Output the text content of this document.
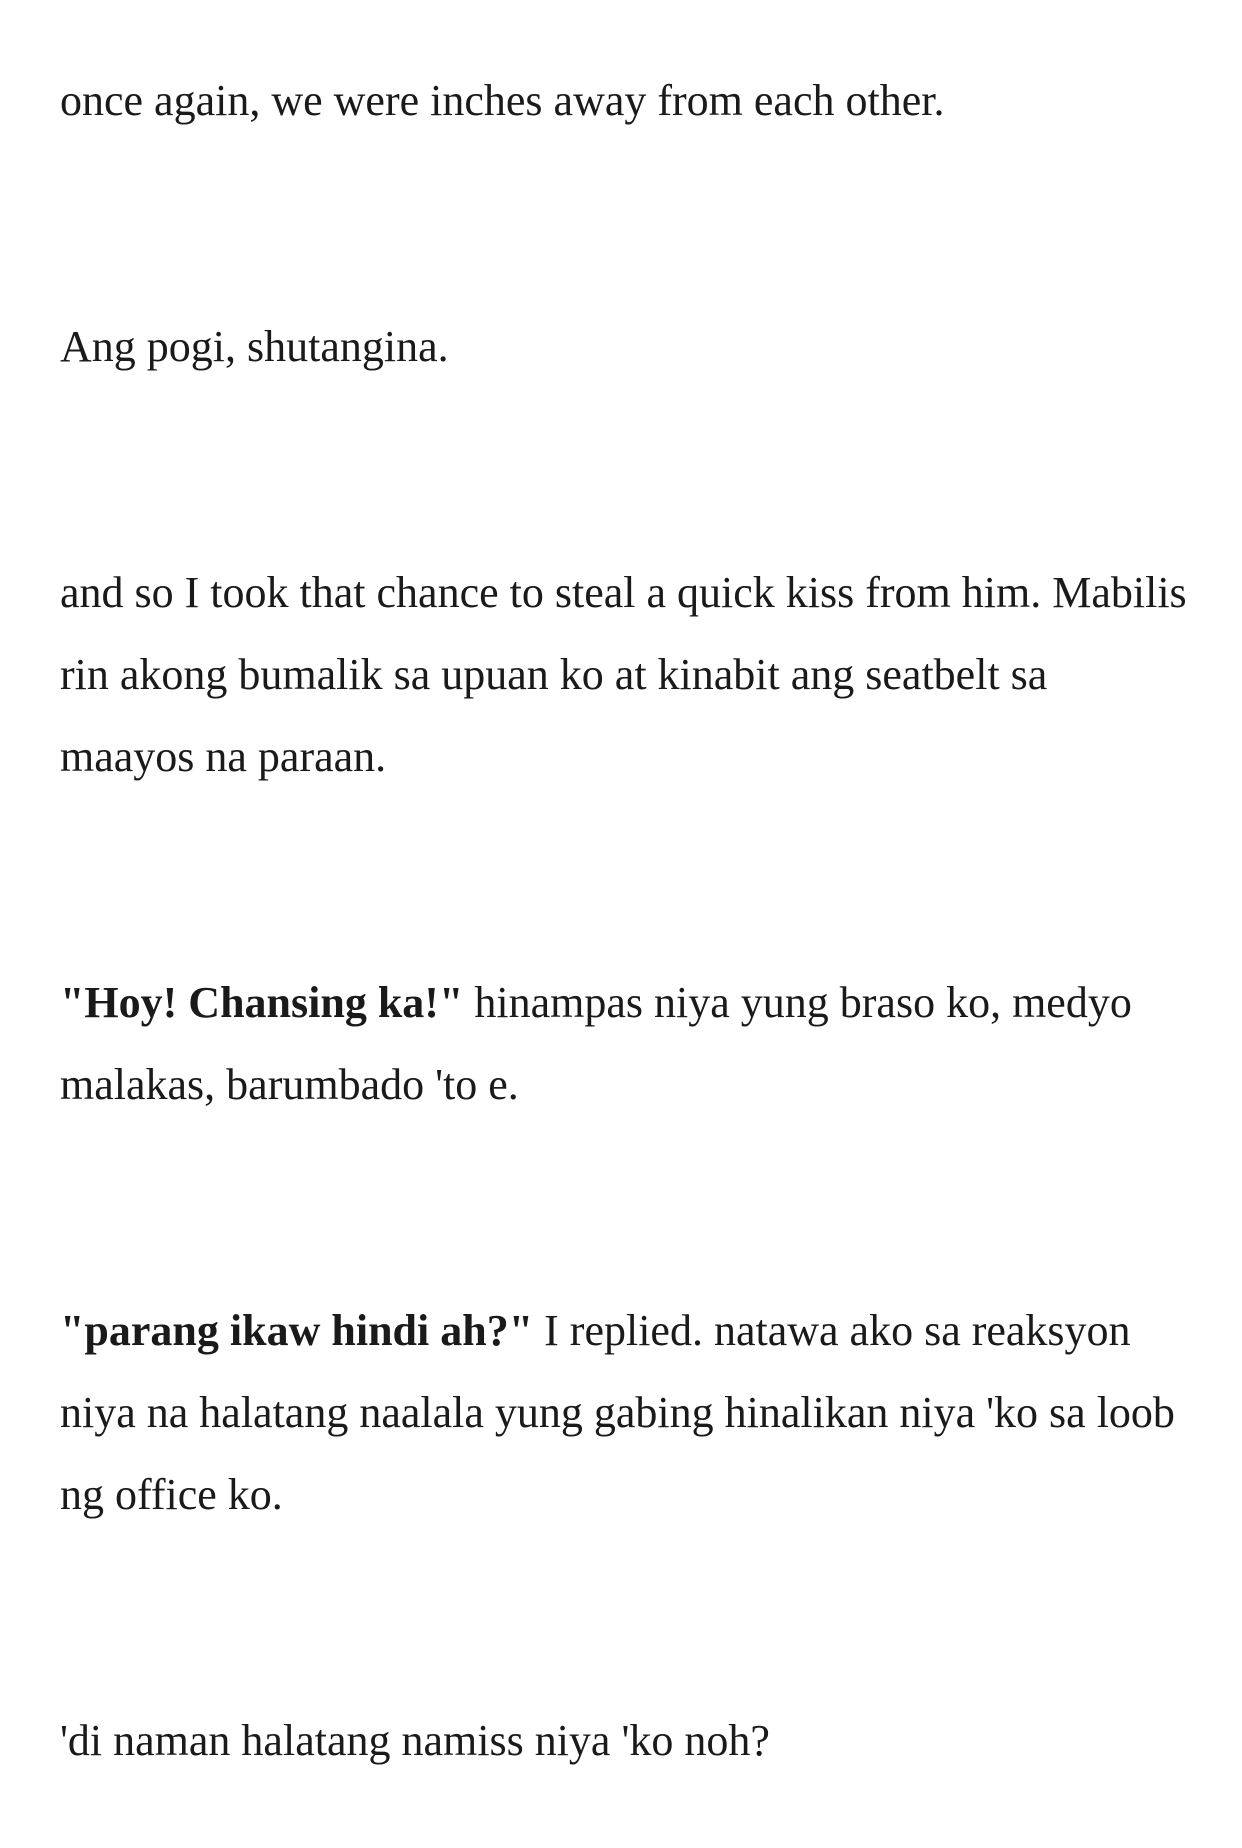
once again, we were inches away from each other.

Ang pogi, shutangina.

and so I took that chance to steal a quick kiss from him. Mabilis rin akong bumalik sa upuan ko at kinabit ang seatbelt sa maayos na paraan.

"Hoy! Chansing ka!" hinampas niya yung braso ko, medyo malakas, barumbado 'to e.

"parang ikaw hindi ah?" I replied. natawa ako sa reaksyon niya na halatang naalala yung gabing hinalikan niya 'ko sa loob ng office ko.

'di naman halatang namiss niya 'ko noh?
